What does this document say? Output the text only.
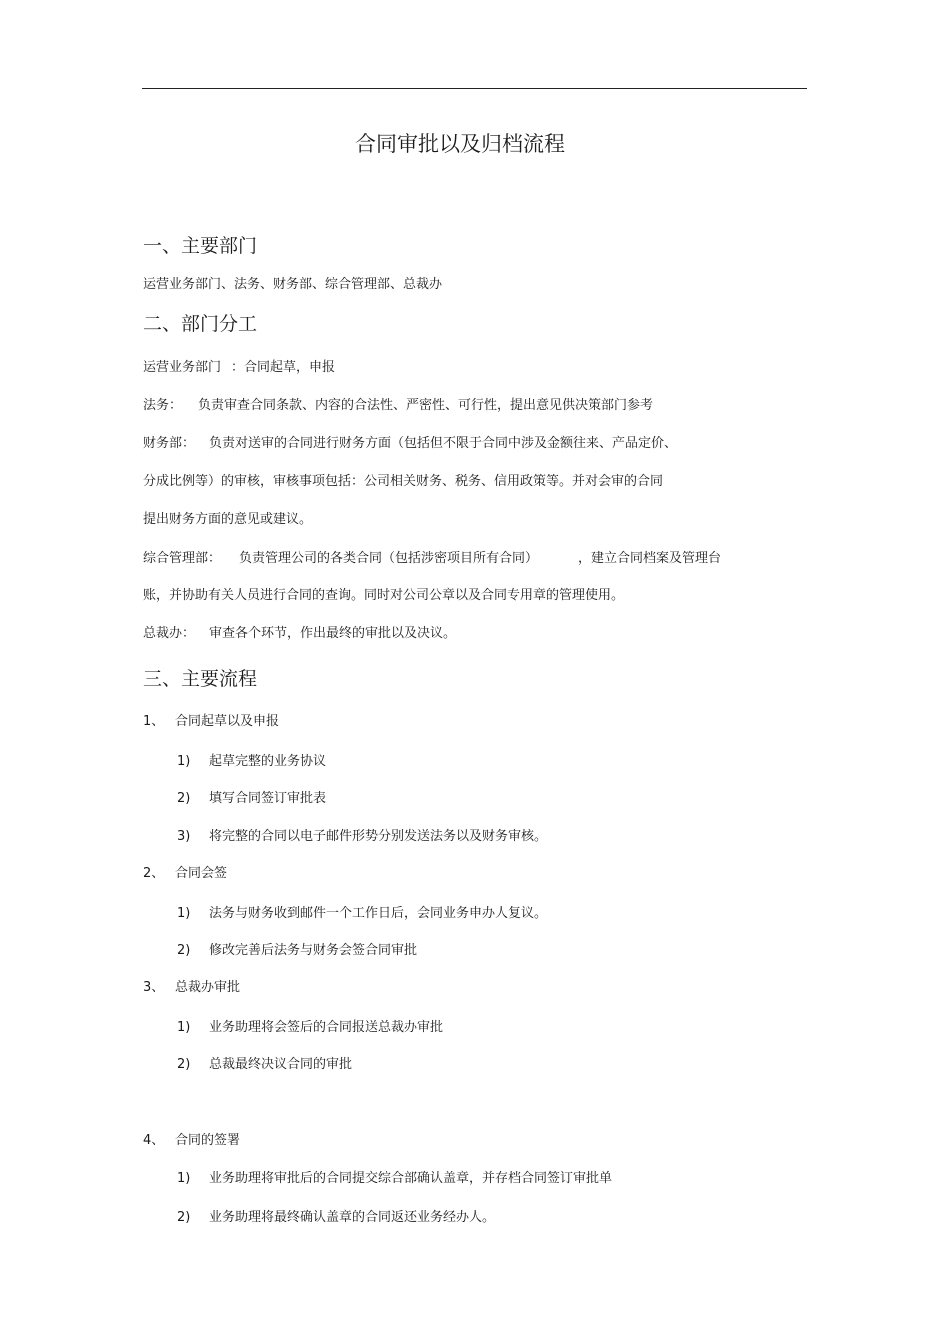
合同审批以及归档流程
一、主要部门
运营业务部门、法务、财务部、综合管理部、总裁办
二、部门分工
运营业务部门 ：合同起草，申报
法务： 负责审查合同条款、内容的合法性、严密性、可行性，提出意见供决策部门参考
财务部： 负责对送审的合同进行财务方面（包括但不限于合同中涉及金额往来、产品定价、
分成比例等）的审核，审核事项包括：公司相关财务、税务、信用政策等。并对会审的合同
提出财务方面的意见或建议。
综合管理部： 负责管理公司的各类合同（包括涉密项目所有合同）	，建立合同档案及管理台
账，并协助有关人员进行合同的查询。同时对公司公章以及合同专用章的管理使用。
总裁办： 审查各个环节，作出最终的审批以及决议。
三、主要流程
1、 合同起草以及申报
1) 起草完整的业务协议
2) 填写合同签订审批表
3) 将完整的合同以电子邮件形势分别发送法务以及财务审核。
2、 合同会签
1) 法务与财务收到邮件一个工作日后，会同业务申办人复议。
2) 修改完善后法务与财务会签合同审批
3、 总裁办审批
1) 业务助理将会签后的合同报送总裁办审批
2) 总裁最终决议合同的审批
4、 合同的签署
1) 业务助理将审批后的合同提交综合部确认盖章，并存档合同签订审批单
2) 业务助理将最终确认盖章的合同返还业务经办人。
